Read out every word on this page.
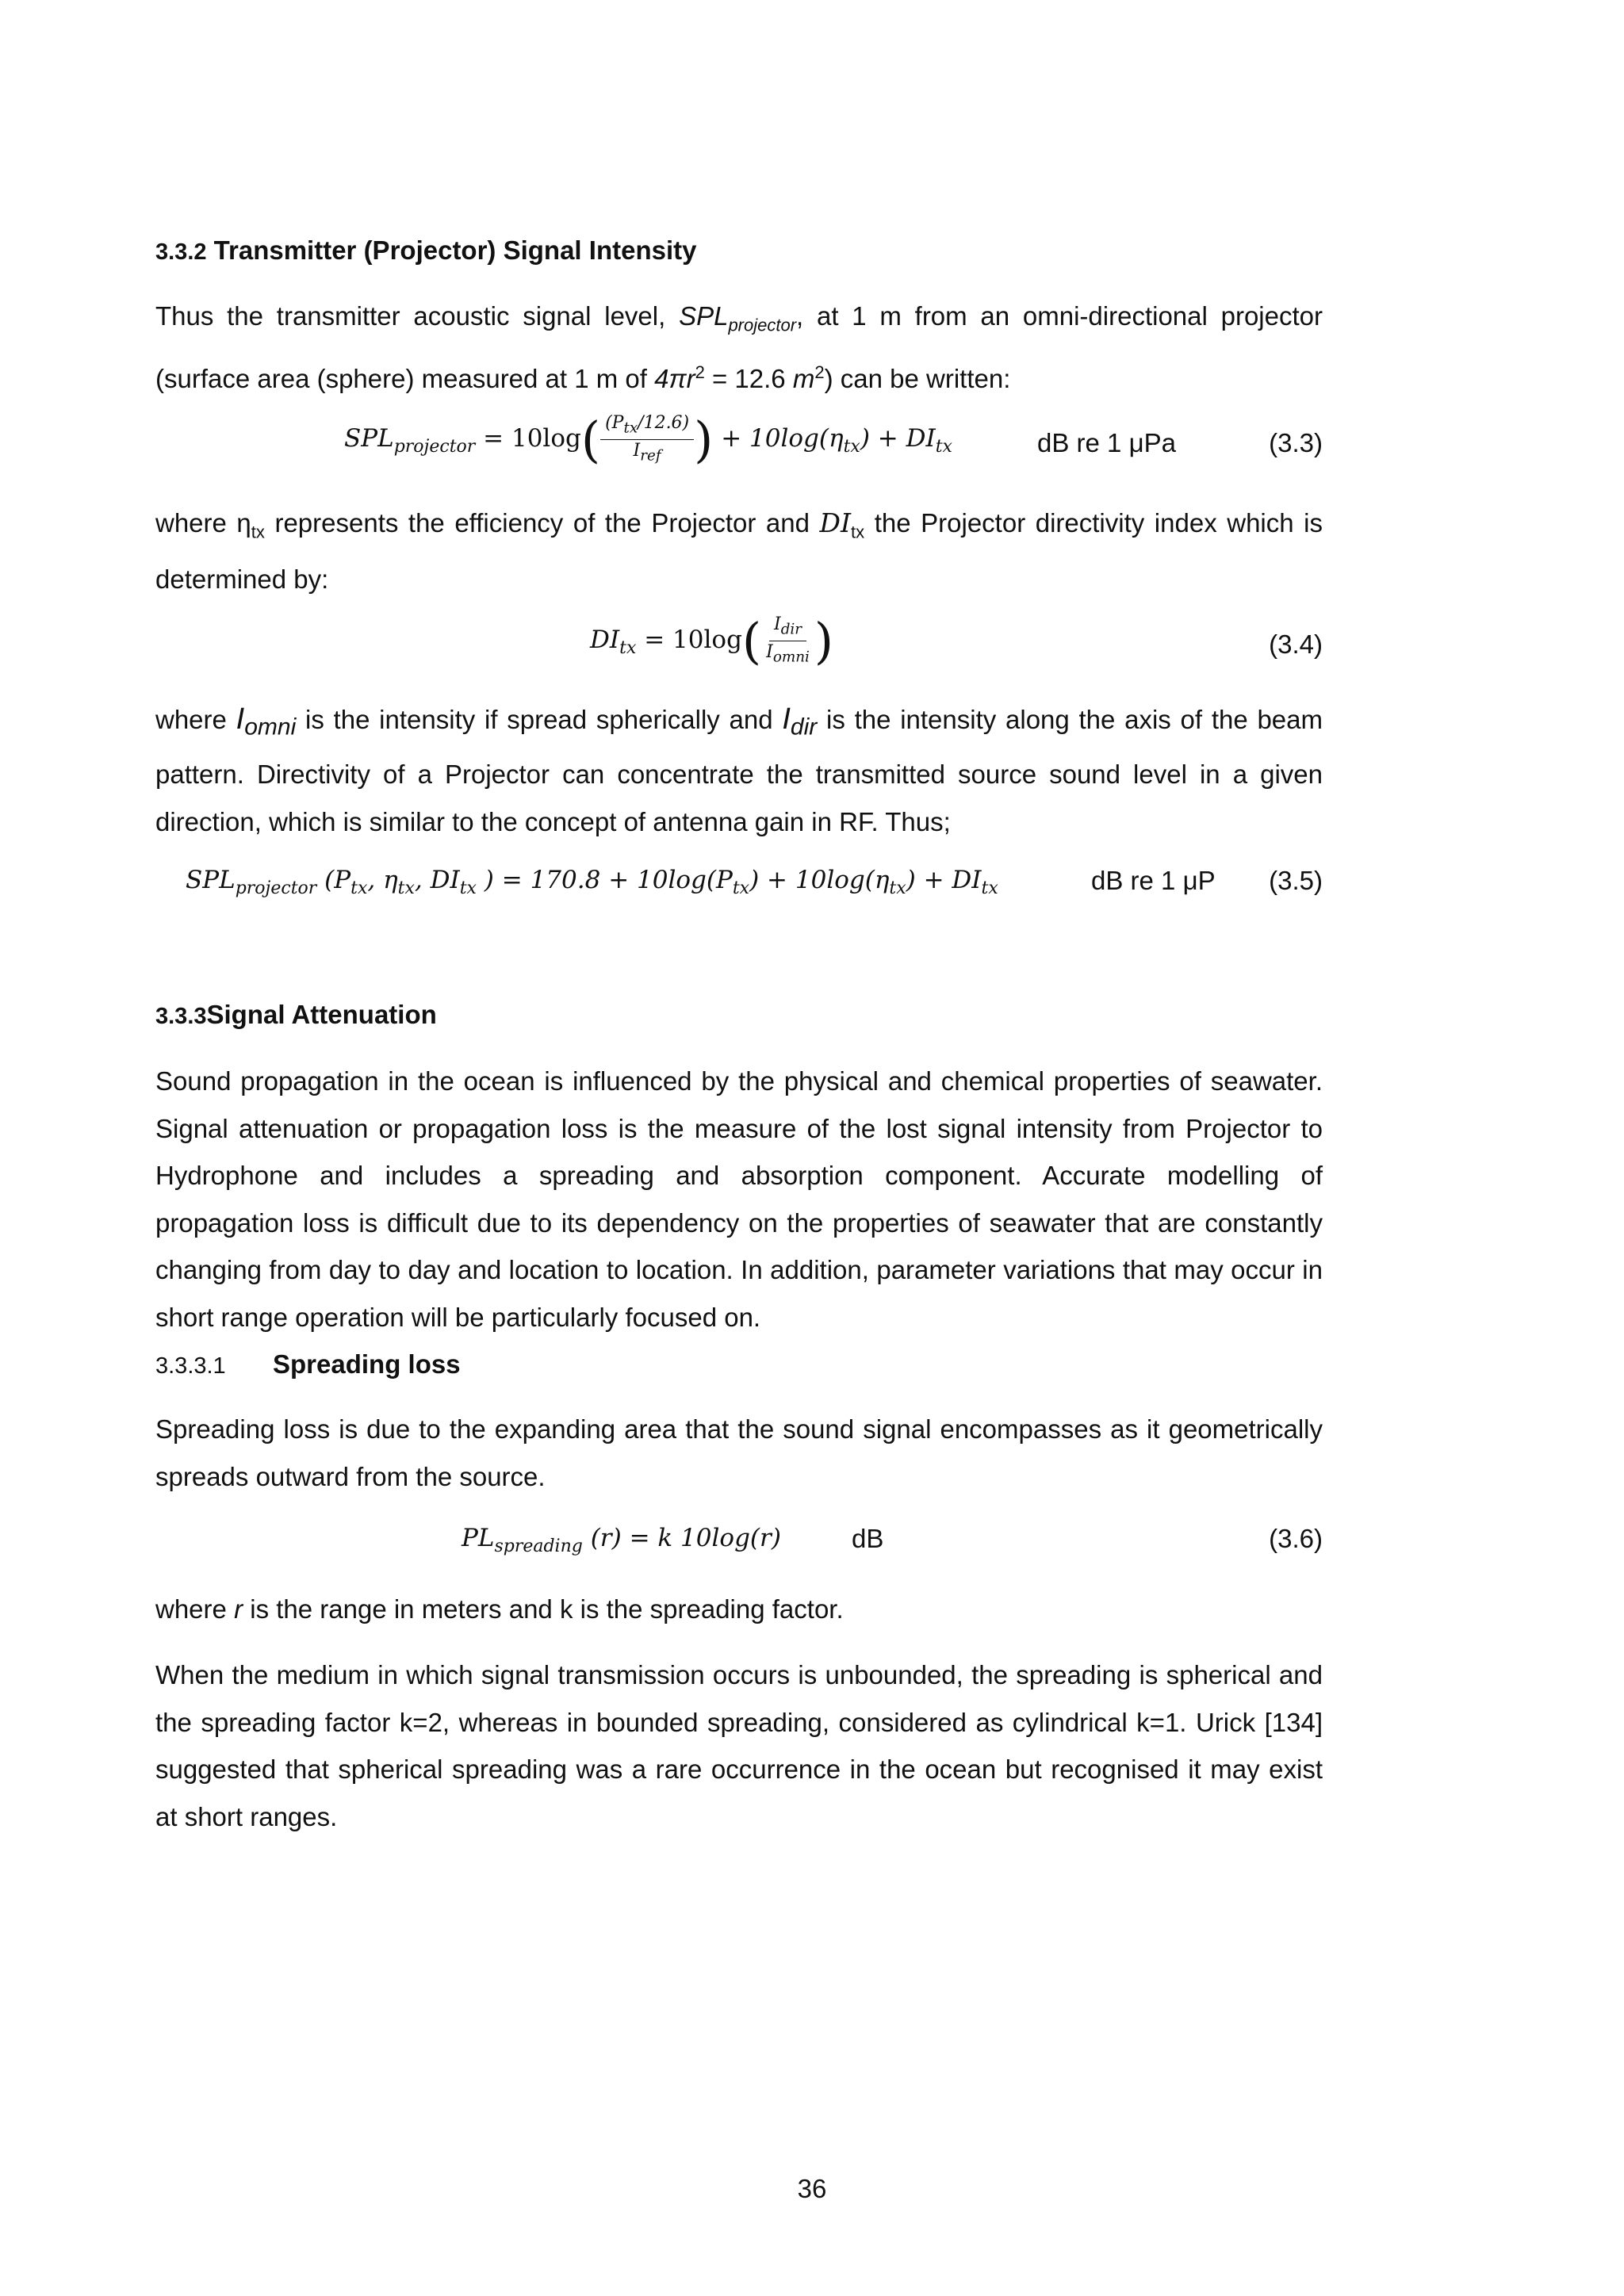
3.3.2 Transmitter (Projector) Signal Intensity
Thus the transmitter acoustic signal level, $SPL_{projector}$, at 1 m from an omni-directional projector (surface area (sphere) measured at 1 m of $4\pi r^2 = 12.6$ $m^2$) can be written:
$SPL_{projector} = 10\log( \frac{(P_{tx}/12.6)}{I_{ref}}$ ) + $10\log(\eta_{tx}) + DI_{tx}$	dB re 1 μPa	(3.3)
where $\eta_{tx}$ represents the efficiency of the Projector and $DI_{tx}$ the Projector directivity index which is determined by:
$DI_{tx} = 10\log( \frac{I_{dir}}{I_{omni}}$ )	(3.4)
where $I_{omni}$ is the intensity if spread spherically and $I_{dir}$ is the intensity along the axis of the beam pattern. Directivity of a Projector can concentrate the transmitted source sound level in a given direction, which is similar to the concept of antenna gain in RF. Thus;
$SPL_{projector}$ ($P_{tx}$, $\eta_{tx}$, $DI_{tx}$ ) = $170.8 + 10\log(P_{tx}) + 10\log(\eta_{tx}) + DI_{tx}$	dB re 1 μP (3.5)
3.3.3Signal Attenuation
Sound propagation in the ocean is influenced by the physical and chemical properties of seawater. Signal attenuation or propagation loss is the measure of the lost signal intensity from Projector to Hydrophone and includes a spreading and absorption component. Accurate modelling of propagation loss is difficult due to its dependency on the properties of seawater that are constantly changing from day to day and location to location. In addition, parameter variations that may occur in short range operation will be particularly focused on.
3.3.3.1 Spreading loss
Spreading loss is due to the expanding area that the sound signal encompasses as it geometrically spreads outward from the source.
$PL_{spreading}$ (r) = k 10log(r)	dB	(3.6)
where r is the range in meters and k is the spreading factor.
When the medium in which signal transmission occurs is unbounded, the spreading is spherical and the spreading factor k=2, whereas in bounded spreading, considered as cylindrical k=1. Urick [134] suggested that spherical spreading was a rare occurrence in the ocean but recognised it may exist at short ranges.
36
